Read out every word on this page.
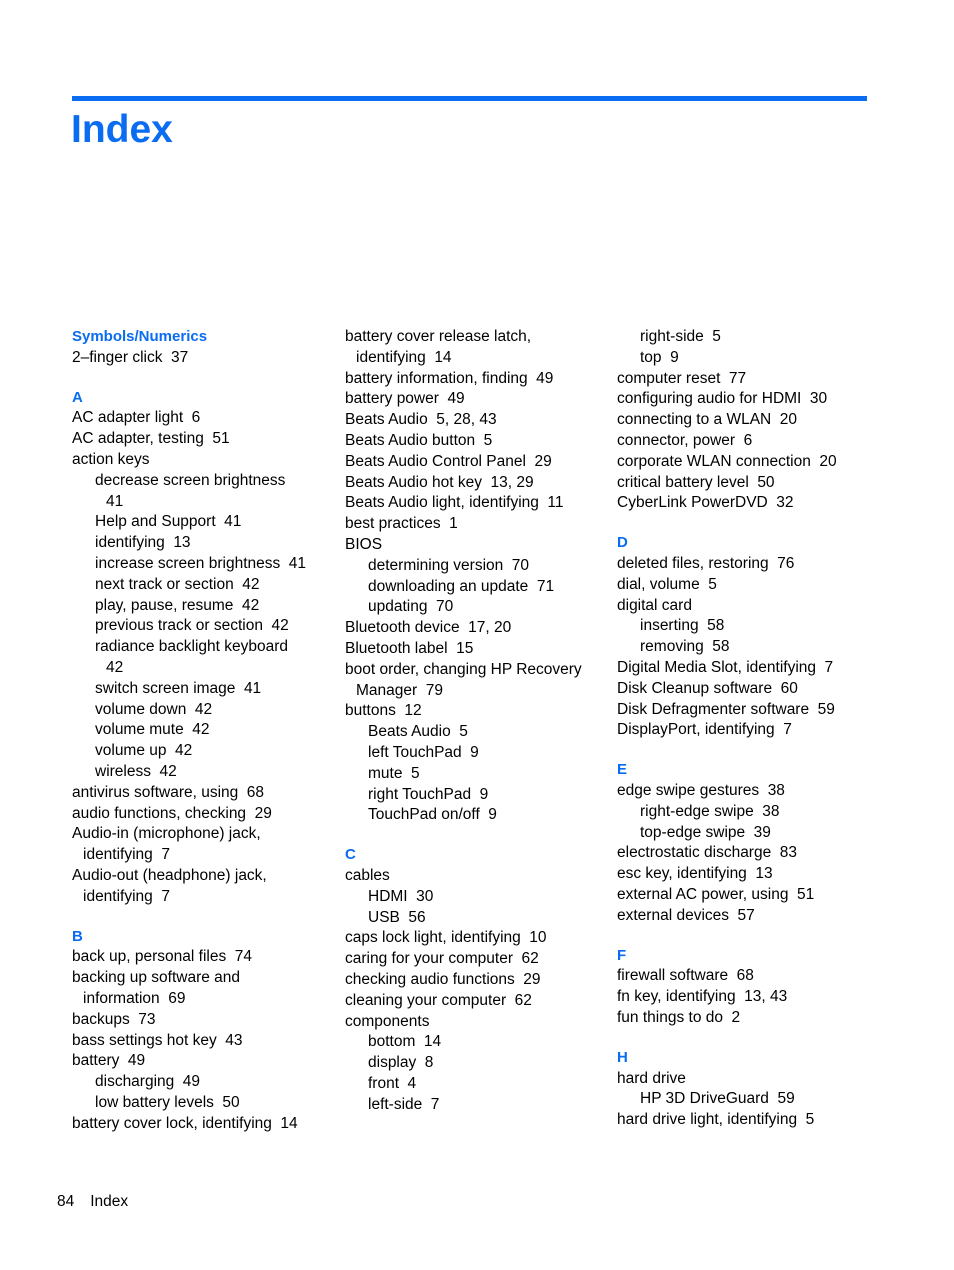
Index
Symbols/Numerics
2–finger click 37
A
AC adapter light 6
AC adapter, testing 51
action keys
decrease screen brightness
41
Help and Support 41
identifying 13
increase screen brightness 41
next track or section 42
play, pause, resume 42
previous track or section 42
radiance backlight keyboard
42
switch screen image 41
volume down 42
volume mute 42
volume up 42
wireless 42
antivirus software, using 68
audio functions, checking 29
Audio-in (microphone) jack,
identifying 7
Audio-out (headphone) jack,
identifying 7
B
back up, personal files 74
backing up software and
information 69
backups 73
bass settings hot key 43
battery 49
discharging 49
low battery levels 50
battery cover lock, identifying 14
battery cover release latch,
identifying 14
battery information, finding 49
battery power 49
Beats Audio 5, 28, 43
Beats Audio button 5
Beats Audio Control Panel 29
Beats Audio hot key 13, 29
Beats Audio light, identifying 11
best practices 1
BIOS
determining version 70
downloading an update 71
updating 70
Bluetooth device 17, 20
Bluetooth label 15
boot order, changing HP Recovery
Manager 79
buttons 12
Beats Audio 5
left TouchPad 9
mute 5
right TouchPad 9
TouchPad on/off 9
C
cables
HDMI 30
USB 56
caps lock light, identifying 10
caring for your computer 62
checking audio functions 29
cleaning your computer 62
components
bottom 14
display 8
front 4
left-side 7
right-side 5
top 9
computer reset 77
configuring audio for HDMI 30
connecting to a WLAN 20
connector, power 6
corporate WLAN connection 20
critical battery level 50
CyberLink PowerDVD 32
D
deleted files, restoring 76
dial, volume 5
digital card
inserting 58
removing 58
Digital Media Slot, identifying 7
Disk Cleanup software 60
Disk Defragmenter software 59
DisplayPort, identifying 7
E
edge swipe gestures 38
right-edge swipe 38
top-edge swipe 39
electrostatic discharge 83
esc key, identifying 13
external AC power, using 51
external devices 57
F
firewall software 68
fn key, identifying 13, 43
fun things to do 2
H
hard drive
HP 3D DriveGuard 59
hard drive light, identifying 5
84 Index
